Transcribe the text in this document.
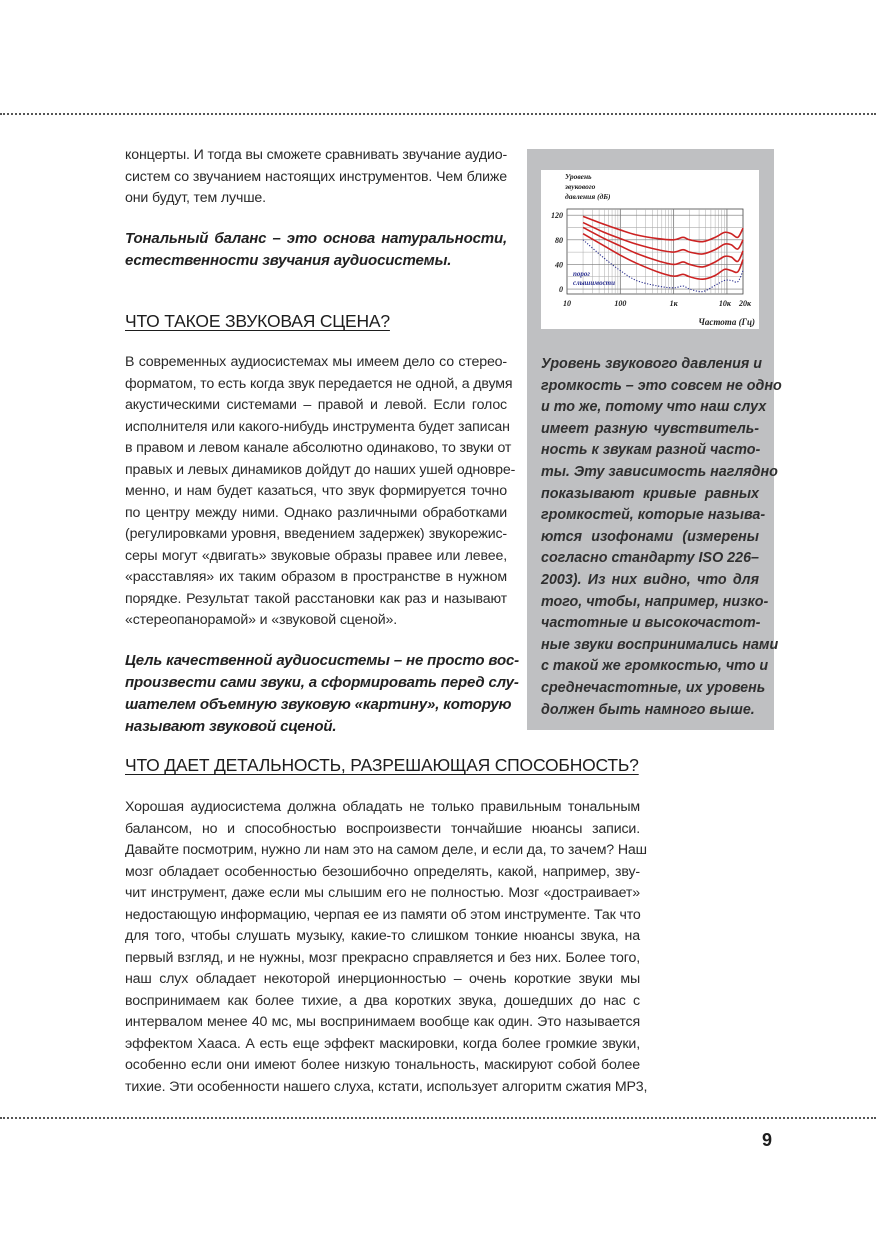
концерты. И тогда вы сможете сравнивать звучание аудио-
систем со звучанием настоящих инструментов. Чем ближе
они будут, тем лучше.
Тональный баланс – это основа натуральности,
естественности звучания аудиосистемы.
ЧТО ТАКОЕ ЗВУКОВАЯ СЦЕНА?
В современных аудиосистемах мы имеем дело со стерео-
форматом, то есть когда звук передается не одной, а двумя
акустическими системами – правой и левой. Если голос
исполнителя или какого-нибудь инструмента будет записан
в правом и левом канале абсолютно одинаково, то звуки от
правых и левых динамиков дойдут до наших ушей одновре-
менно, и нам будет казаться, что звук формируется точно
по центру между ними. Однако различными обработками
(регулировками уровня, введением задержек) звукорежис-
серы могут «двигать» звуковые образы правее или левее,
«расставляя» их таким образом в пространстве в нужном
порядке. Результат такой расстановки как раз и называют
«стереопанорамой» и «звуковой сценой».
Цель качественной аудиосистемы – не просто вос-
произвести сами звуки, а сформировать перед слу-
шателем объемную звуковую «картину», которую
называют звуковой сценой.
ЧТО ДАЕТ ДЕТАЛЬНОСТЬ, РАЗРЕШАЮЩАЯ СПОСОБНОСТЬ?
Хорошая аудиосистема должна обладать не только правильным тональным
балансом, но и способностью воспроизвести тончайшие нюансы записи.
Давайте посмотрим, нужно ли нам это на самом деле, и если да, то зачем? Наш
мозг обладает особенностью безошибочно определять, какой, например, зву-
чит инструмент, даже если мы слышим его не полностью. Мозг «достраивает»
недостающую информацию, черпая ее из памяти об этом инструменте. Так что
для того, чтобы слушать музыку, какие-то слишком тонкие нюансы звука, на
первый взгляд, и не нужны, мозг прекрасно справляется и без них. Более того,
наш слух обладает некоторой инерционностью – очень короткие звуки мы
воспринимаем как более тихие, а два коротких звука, дошедших до нас с
интервалом менее 40 мс, мы воспринимаем вообще как один. Это называется
эффектом Хааса. А есть еще эффект маскировки, когда более громкие звуки,
особенно если они имеют более низкую тональность, маскируют собой более
тихие. Эти особенности нашего слуха, кстати, использует алгоритм сжатия MP3,
Уровень
звукового
давления (дБ)
0
40
80
120
10	100	1к	10к 20к
порог
слышимости
Частота (Гц)
Уровень звукового давления и
громкость – это совсем не одно
и то же, потому что наш слух
имеет разную чувствитель-
ность к звукам разной часто-
ты. Эту зависимость наглядно
показывают кривые равных
громкостей, которые называ-
ются изофонами (измерены
согласно стандарту ISO 226–
2003). Из них видно, что для
того, чтобы, например, низко-
частотные и высокочастот-
ные звуки воспринимались нами
с такой же громкостью, что и
среднечастотные, их уровень
должен быть намного выше.
9
